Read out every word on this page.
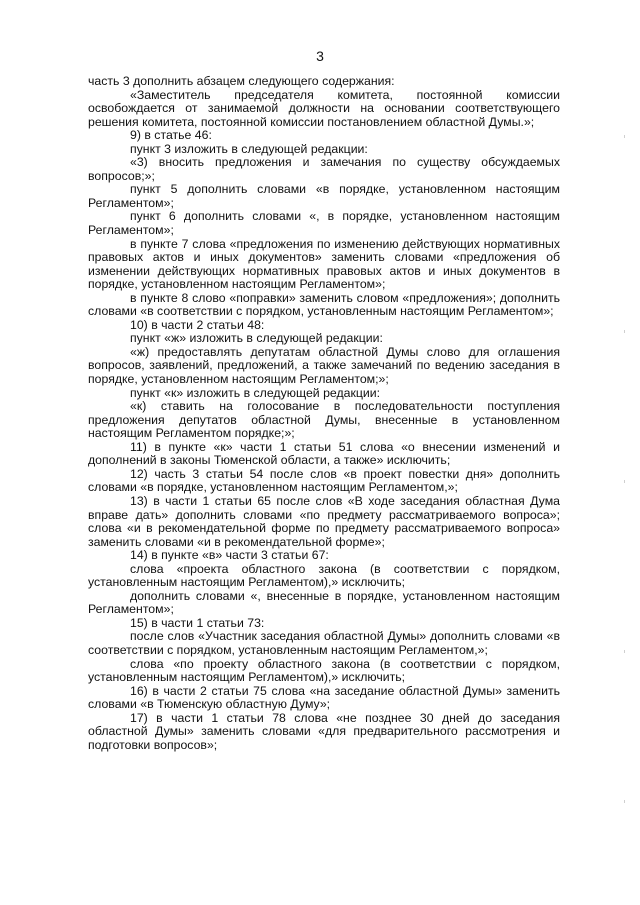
3

часть 3 дополнить абзацем следующего содержания:

«Заместитель председателя комитета, постоянной комиссии освобождается от занимаемой должности на основании соответствующего решения комитета, постоянной комиссии постановлением областной Думы.»;

9) в статье 46:

пункт 3 изложить в следующей редакции:

«3) вносить предложения и замечания по существу обсуждаемых вопросов;»;

пункт 5 дополнить словами «в порядке, установленном настоящим Регламентом»;

пункт 6 дополнить словами «, в порядке, установленном настоящим Регламентом»;

в пункте 7 слова «предложения по изменению действующих нормативных правовых актов и иных документов» заменить словами «предложения об изменении действующих нормативных правовых актов и иных документов в порядке, установленном настоящим Регламентом»;

в пункте 8 слово «поправки» заменить словом «предложения»; дополнить словами «в соответствии с порядком, установленным настоящим Регламентом»;

10) в части 2 статьи 48:

пункт «ж» изложить в следующей редакции:

«ж) предоставлять депутатам областной Думы слово для оглашения вопросов, заявлений, предложений, а также замечаний по ведению заседания в порядке, установленном настоящим Регламентом;»;

пункт «к» изложить в следующей редакции:

«к) ставить на голосование в последовательности поступления предложения депутатов областной Думы, внесенные в установленном настоящим Регламентом порядке;»;

11) в пункте «к» части 1 статьи 51 слова «о внесении изменений и дополнений в законы Тюменской области, а также» исключить;

12) часть 3 статьи 54 после слов «в проект повестки дня» дополнить словами «в порядке, установленном настоящим Регламентом,»;

13) в части 1 статьи 65 после слов «В ходе заседания областная Дума вправе дать» дополнить словами «по предмету рассматриваемого вопроса»; слова «и в рекомендательной форме по предмету рассматриваемого вопроса» заменить словами «и в рекомендательной форме»;

14) в пункте «в» части 3 статьи 67:

слова «проекта областного закона (в соответствии с порядком, установленным настоящим Регламентом),» исключить;

дополнить словами «, внесенные в порядке, установленном настоящим Регламентом»;

15) в части 1 статьи 73:

после слов «Участник заседания областной Думы» дополнить словами «в соответствии с порядком, установленным настоящим Регламентом,»;

слова «по проекту областного закона (в соответствии с порядком, установленным настоящим Регламентом),» исключить;

16) в части 2 статьи 75 слова «на заседание областной Думы» заменить словами «в Тюменскую областную Думу»;

17) в части 1 статьи 78 слова «не позднее 30 дней до заседания областной Думы» заменить словами «для предварительного рассмотрения и подготовки вопросов»;
